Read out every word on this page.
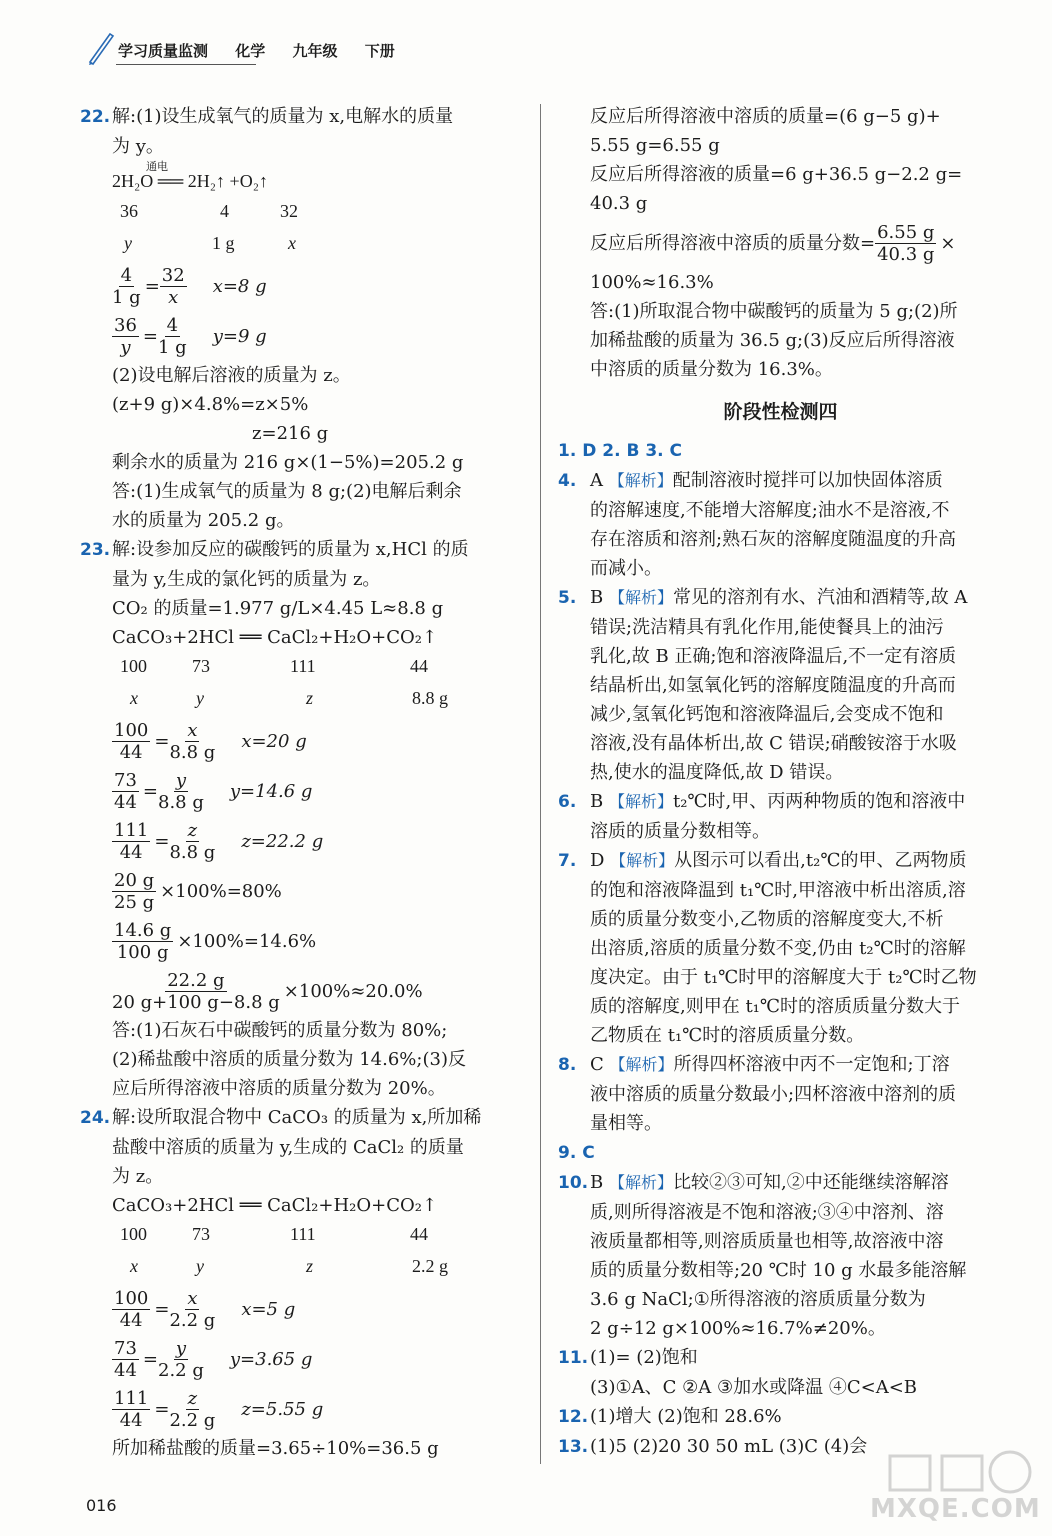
学习质量监测 化学 九年级 下册
22. 解:(1)设生成氧气的质量为 x,电解水的质量
为 y。
通电
2H₂O ══ 2H₂↑ +O₂↑
36	4	32
y	1 g	x
$\frac{4}{1 g} = \frac{32}{x} x=8$ g
$\frac{36}{y} = \frac{4}{1 g} y=9$ g
(2)设电解后溶液的质量为 z。
(z+9 g)×4.8%=z×5%
z=216 g
剩余水的质量为 216 g×(1−5%)=205.2 g
答:(1)生成氧气的质量为 8 g;(2)电解后剩余
水的质量为 205.2 g。
23. 解:设参加反应的碳酸钙的质量为 x,HCl 的质
量为 y,生成的氯化钙的质量为 z。
CO₂ 的质量=1.977 g/L×4.45 L≈8.8 g
CaCO₃+2HCl ══ CaCl₂+H₂O+CO₂↑
100	73	111	44
x	y	z	8.8 g
$\frac{100}{44} = \frac{x}{8.8 g} x=20$ g
$\frac{73}{44} = \frac{y}{8.8 g} y=14.6$ g
$\frac{111}{44} = \frac{z}{8.8 g} z=22.2$ g
$\frac{20 g}{25 g} \times 100\%=80\%$
$\frac{14.6 g}{100 g} \times 100\%=14.6\%$
$\frac{22.2 g}{20 g+100 g-8.8 g} \times 100\%\approx 20.0\%$
答:(1)石灰石中碳酸钙的质量分数为 80%;
(2)稀盐酸中溶质的质量分数为 14.6%;(3)反
应后所得溶液中溶质的质量分数为 20%。
24. 解:设所取混合物中 CaCO₃ 的质量为 x,所加稀
盐酸中溶质的质量为 y,生成的 CaCl₂ 的质量
为 z。
CaCO₃+2HCl ══ CaCl₂+H₂O+CO₂↑
100	73	111	44
x	y	z	2.2 g
$\frac{100}{44} = \frac{x}{2.2 g} x=5$ g
$\frac{73}{44} = \frac{y}{2.2 g} y=3.65$ g
$\frac{111}{44} = \frac{z}{2.2 g} z=5.55$ g
所加稀盐酸的质量=3.65÷10%=36.5 g
反应后所得溶液中溶质的质量=(6 g−5 g)+
5.55 g=6.55 g
反应后所得溶液的质量=6 g+36.5 g−2.2 g=
40.3 g
反应后所得溶液中溶质的质量分数= $\frac{6.55 g}{40.3 g}$ ×
100%≈16.3%
答:(1)所取混合物中碳酸钙的质量为 5 g;(2)所
加稀盐酸的质量为 36.5 g;(3)反应后所得溶液
中溶质的质量分数为 16.3%。
阶段性检测四
1. D 2. B 3. C
4. A 【解析】配制溶液时搅拌可以加快固体溶质
的溶解速度,不能增大溶解度;油水不是溶液,不
存在溶质和溶剂;熟石灰的溶解度随温度的升高
而减小。
5. B 【解析】常见的溶剂有水、汽油和酒精等,故 A
错误;洗洁精具有乳化作用,能使餐具上的油污
乳化,故 B 正确;饱和溶液降温后,不一定有溶质
结晶析出,如氢氧化钙的溶解度随温度的升高而
减少,氢氧化钙饱和溶液降温后,会变成不饱和
溶液,没有晶体析出,故 C 错误;硝酸铵溶于水吸
热,使水的温度降低,故 D 错误。
6. B 【解析】t₂℃时,甲、丙两种物质的饱和溶液中
溶质的质量分数相等。
7. D 【解析】从图示可以看出,t₂℃的甲、乙两物质
的饱和溶液降温到 t₁℃时,甲溶液中析出溶质,溶
质的质量分数变小,乙物质的溶解度变大,不析
出溶质,溶质的质量分数不变,仍由 t₂℃时的溶解
度决定。由于 t₁℃时甲的溶解度大于 t₂℃时乙物
质的溶解度,则甲在 t₁℃时的溶质质量分数大于
乙物质在 t₁℃时的溶质质量分数。
8. C 【解析】所得四杯溶液中丙不一定饱和;丁溶
液中溶质的质量分数最小;四杯溶液中溶剂的质
量相等。
9. C
10. B 【解析】比较②③可知,②中还能继续溶解溶
质,则所得溶液是不饱和溶液;③④中溶剂、溶
液质量都相等,则溶质质量也相等,故溶液中溶
质的质量分数相等;20 ℃时 10 g 水最多能溶解
3.6 g NaCl;①所得溶液的溶质质量分数为
2 g÷12 g×100%≈16.7%≠20%。
11. (1)= (2)饱和
(3)①A、C ②A ③加水或降温 ④C<A<B
12. (1)增大 (2)饱和 28.6%
13. (1)5 (2)20 30 50 mL (3)C (4)会
016	MXQE.COM
